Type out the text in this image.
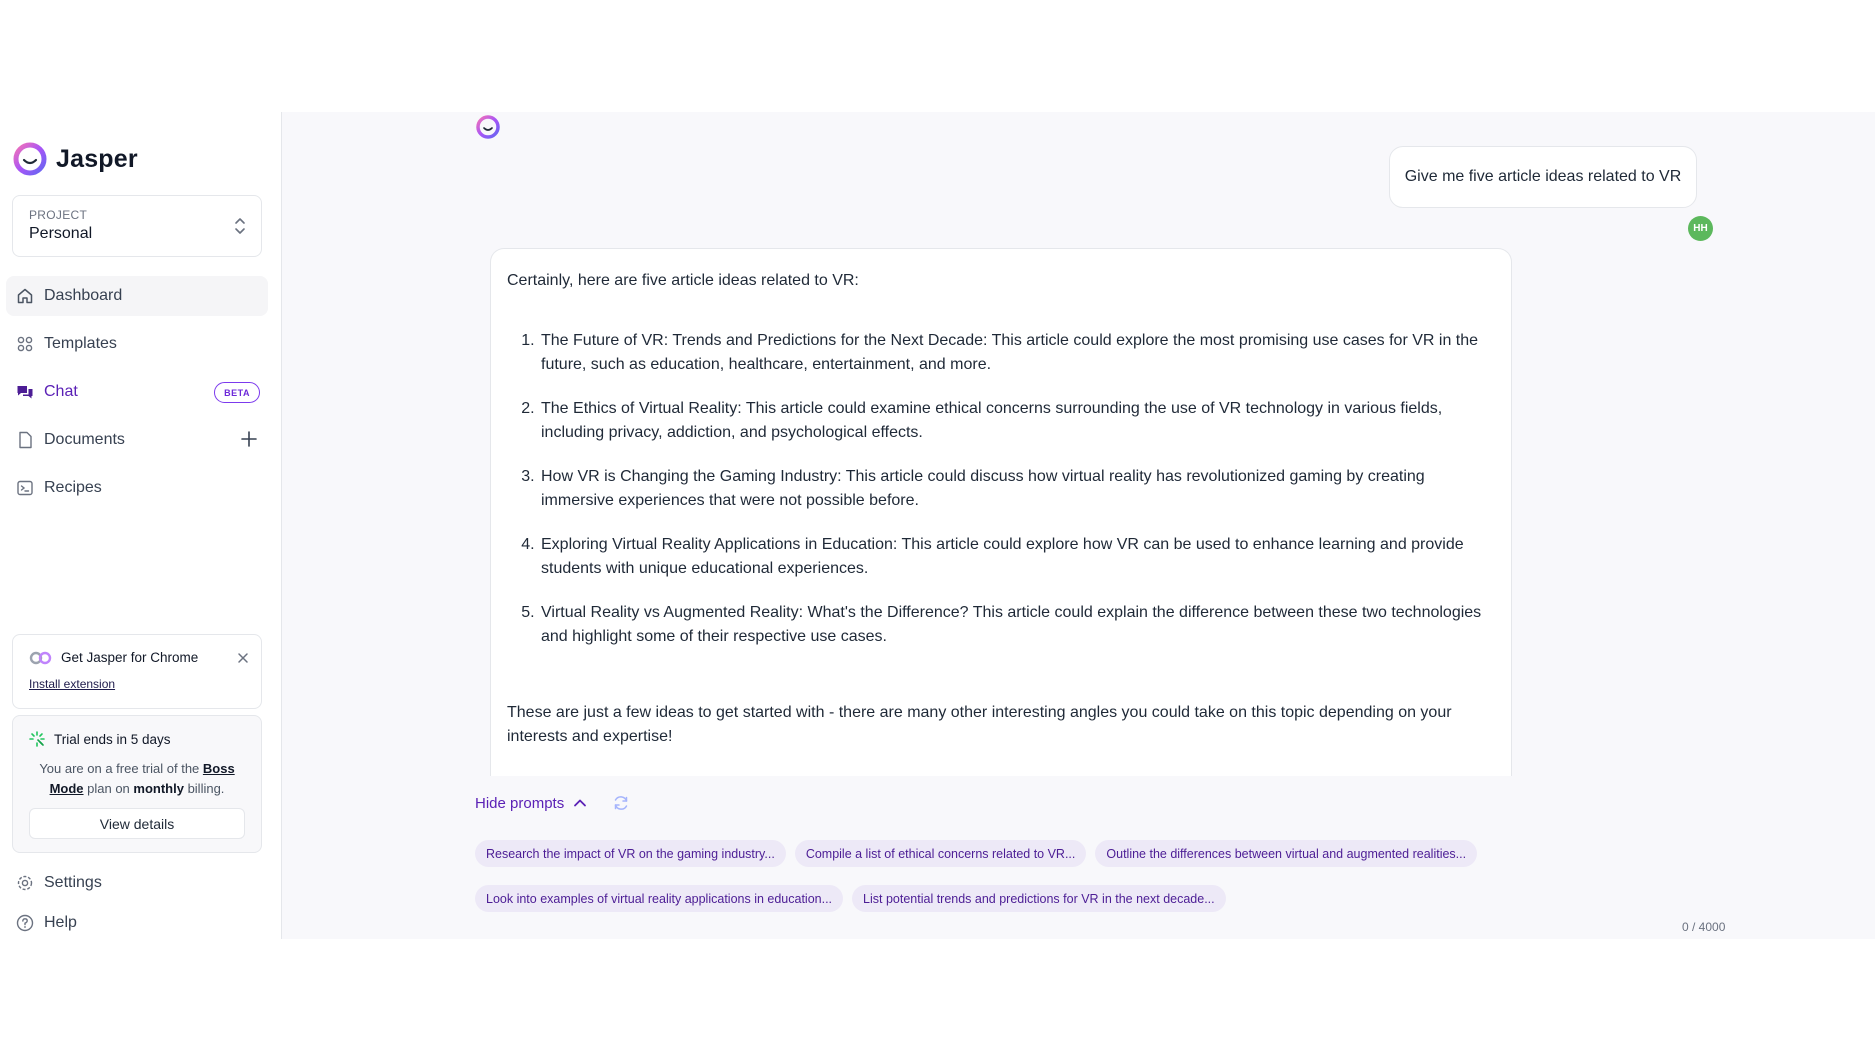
Jasper
PROJECT
Personal
Dashboard
Templates
Chat	BETA
Documents
Recipes
Get Jasper for Chrome
Install extension
Trial ends in 5 days
You are on a free trial of the Boss Mode plan on monthly billing.
View details
Settings
Help
Give me five article ideas related to VR
HH

Certainly, here are five article ideas related to VR:

1. The Future of VR: Trends and Predictions for the Next Decade: This article could explore the most promising use cases for VR in the future, such as education, healthcare, entertainment, and more.
2. The Ethics of Virtual Reality: This article could examine ethical concerns surrounding the use of VR technology in various fields, including privacy, addiction, and psychological effects.
3. How VR is Changing the Gaming Industry: This article could discuss how virtual reality has revolutionized gaming by creating immersive experiences that were not possible before.
4. Exploring Virtual Reality Applications in Education: This article could explore how VR can be used to enhance learning and provide students with unique educational experiences.
5. Virtual Reality vs Augmented Reality: What's the Difference? This article could explain the difference between these two technologies and highlight some of their respective use cases.

These are just a few ideas to get started with - there are many other interesting angles you could take on this topic depending on your interests and expertise!

Hide prompts
Research the impact of VR on the gaming industry...	Compile a list of ethical concerns related to VR...	Outline the differences between virtual and augmented realities...
Look into examples of virtual reality applications in education...	List potential trends and predictions for VR in the next decade...
0 / 4000
